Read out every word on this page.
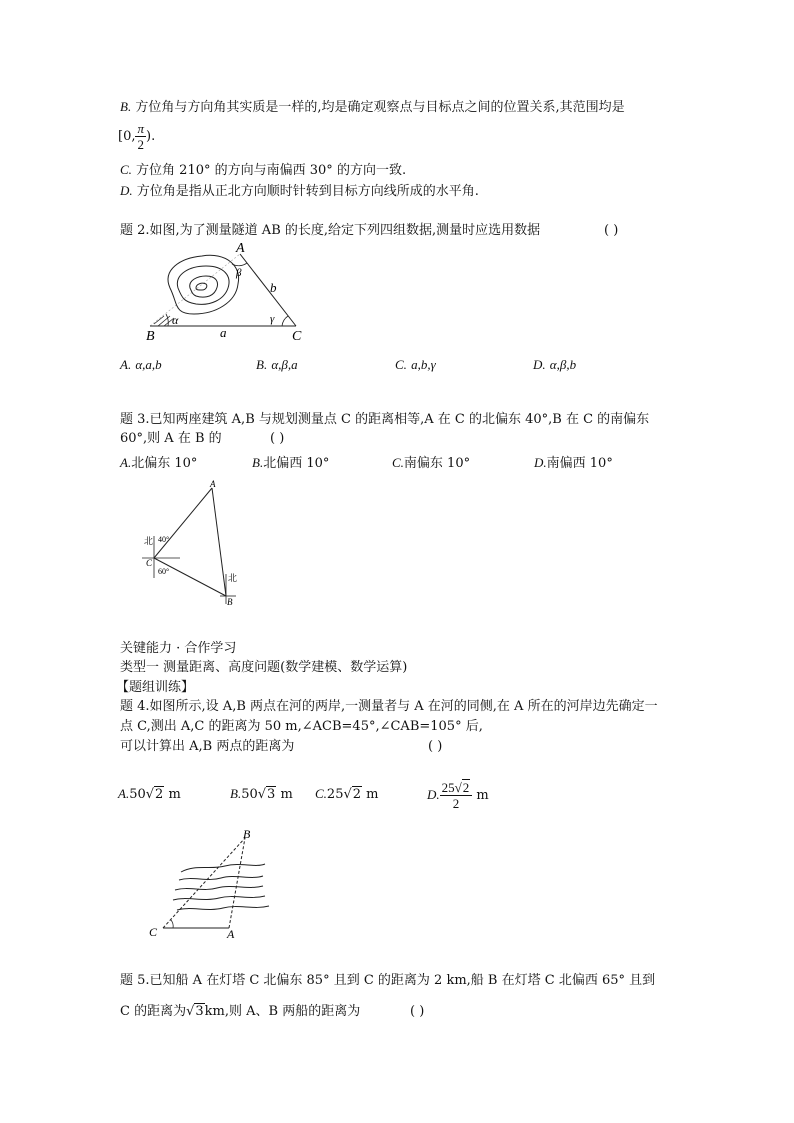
B. 方位角与方向角其实质是一样的,均是确定观察点与目标点之间的位置关系,其范围均是
[0, $\frac{\pi}{2}$ ).
C. 方位角 210° 的方向与南偏西 30° 的方向一致.
D. 方位角是指从正北方向顺时针转到目标方向线所成的水平角.
题 2.如图,为了测量隧道 AB 的长度,给定下列四组数据,测量时应选用数据	( )
A
B	C
a
b
α
β
γ
A. α,a,b	B. α,β,a	C. a,b,γ	D. α,β,b
题 3.已知两座建筑 A,B 与规划测量点 C 的距离相等,A 在 C 的北偏东 40°,B 在 C 的南偏东
60°,则 A 在 B 的	( )
A.北偏东 10°	B.北偏西 10°	C.南偏东 10°	D.南偏西 10°
A
C
B
北
北
40°
60°
关键能力 · 合作学习
类型一 测量距离、高度问题(数学建模、数学运算)
【题组训练】
题 4.如图所示,设 A,B 两点在河的两岸,一测量者与 A 在河的同侧,在 A 所在的河岸边先确定一
点 C,测出 A,C 的距离为 50 m,∠ACB=45°,∠CAB=105° 后,
可以计算出 A,B 两点的距离为	( )
A.50√2 m	B.50√3 m C.25√2 m	D. $\frac{25√2}{2}$ m
B
C	A
题 5.已知船 A 在灯塔 C 北偏东 85° 且到 C 的距离为 2 km,船 B 在灯塔 C 北偏西 65° 且到
C 的距离为√3km,则 A、B 两船的距离为	( )
